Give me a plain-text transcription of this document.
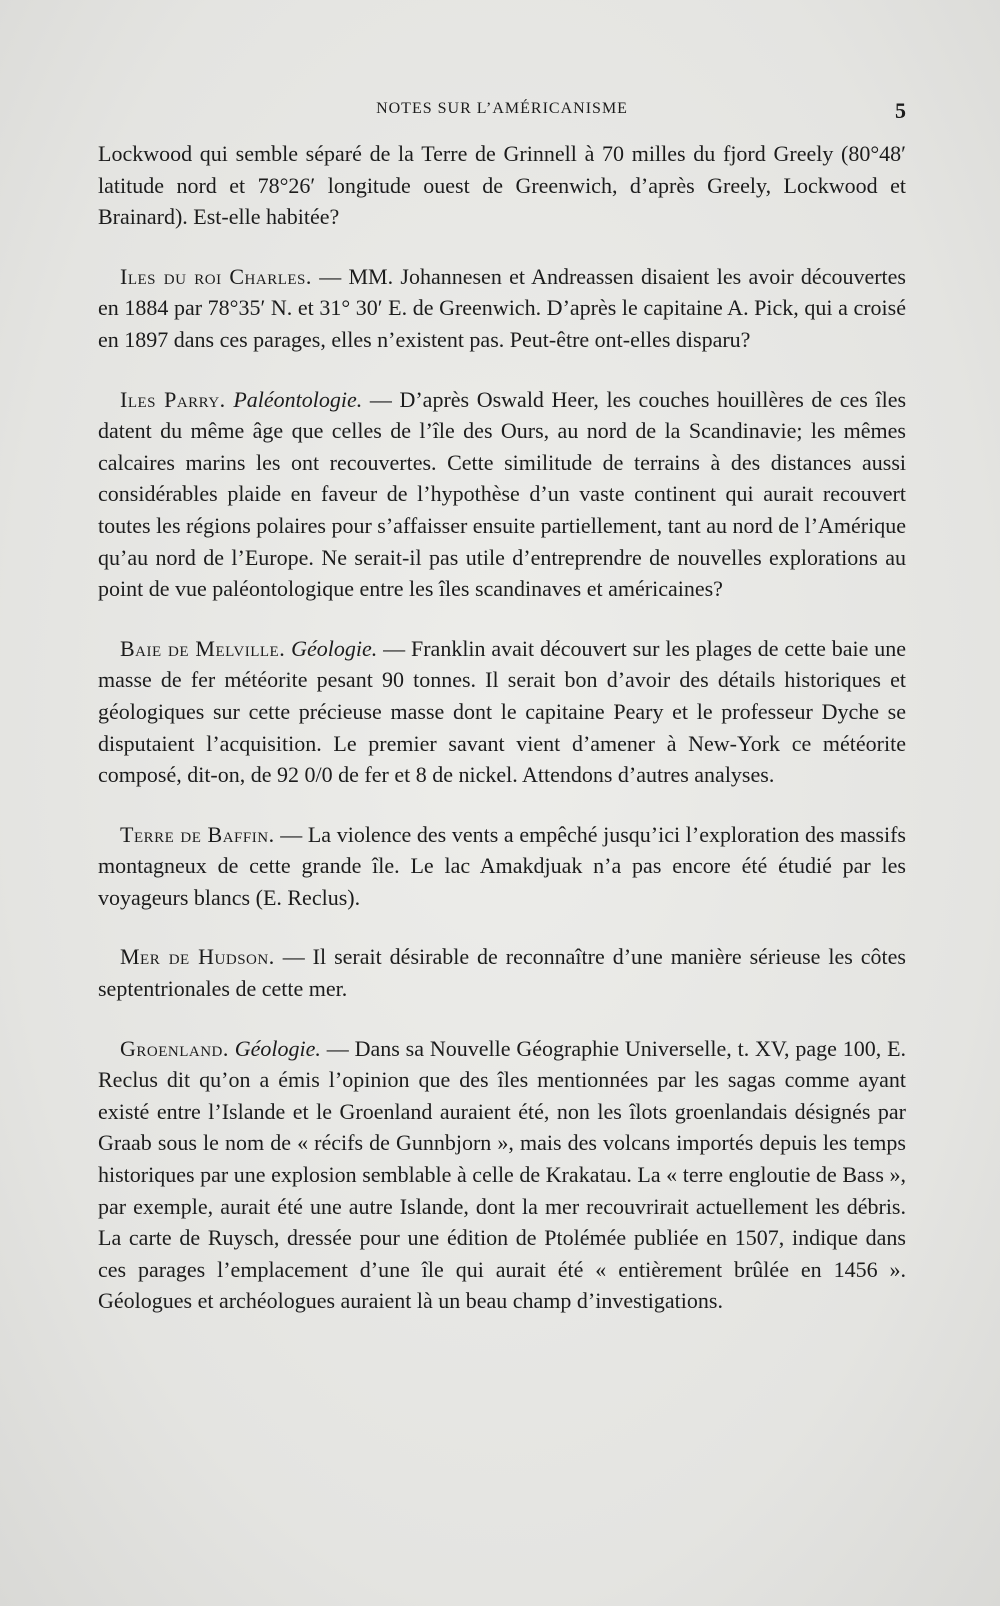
NOTES SUR L’AMÉRICANISME	5

Lockwood qui semble séparé de la Terre de Grinnell à 70 milles du fjord Greely (80°48′ latitude nord et 78°26′ longitude ouest de Greenwich, d’après Greely, Lockwood et Brainard). Est-elle habitée?

Iles du roi Charles. — MM. Johannesen et Andreassen disaient les avoir découvertes en 1884 par 78°35′ N. et 31° 30′ E. de Greenwich. D’après le capitaine A. Pick, qui a croisé en 1897 dans ces parages, elles n’existent pas. Peut-être ont-elles disparu?

Iles Parry. Paléontologie. — D’après Oswald Heer, les couches houillères de ces îles datent du même âge que celles de l’île des Ours, au nord de la Scandinavie; les mêmes calcaires marins les ont recouvertes. Cette similitude de terrains à des distances aussi considérables plaide en faveur de l’hypothèse d’un vaste continent qui aurait recouvert toutes les régions polaires pour s’affaisser ensuite partiellement, tant au nord de l’Amérique qu’au nord de l’Europe. Ne serait-il pas utile d’entreprendre de nouvelles explorations au point de vue paléontologique entre les îles scandinaves et américaines?

Baie de Melville. Géologie. — Franklin avait découvert sur les plages de cette baie une masse de fer météorite pesant 90 tonnes. Il serait bon d’avoir des détails historiques et géologiques sur cette précieuse masse dont le capitaine Peary et le professeur Dyche se disputaient l’acquisition. Le premier savant vient d’amener à New-York ce météorite composé, dit-on, de 92 0/0 de fer et 8 de nickel. Attendons d’autres analyses.

Terre de Baffin. — La violence des vents a empêché jusqu’ici l’exploration des massifs montagneux de cette grande île. Le lac Amakdjuak n’a pas encore été étudié par les voyageurs blancs (E. Reclus).

Mer de Hudson. — Il serait désirable de reconnaître d’une manière sérieuse les côtes septentrionales de cette mer.

Groenland. Géologie. — Dans sa Nouvelle Géographie Universelle, t. XV, page 100, E. Reclus dit qu’on a émis l’opinion que des îles mentionnées par les sagas comme ayant existé entre l’Islande et le Groenland auraient été, non les îlots groenlandais désignés par Graab sous le nom de « récifs de Gunnbjorn », mais des volcans importés depuis les temps historiques par une explosion semblable à celle de Krakatau. La « terre engloutie de Bass », par exemple, aurait été une autre Islande, dont la mer recouvrirait actuellement les débris. La carte de Ruysch, dressée pour une édition de Ptolémée publiée en 1507, indique dans ces parages l’emplacement d’une île qui aurait été « entièrement brûlée en 1456 ». Géologues et archéologues auraient là un beau champ d’investigations.
